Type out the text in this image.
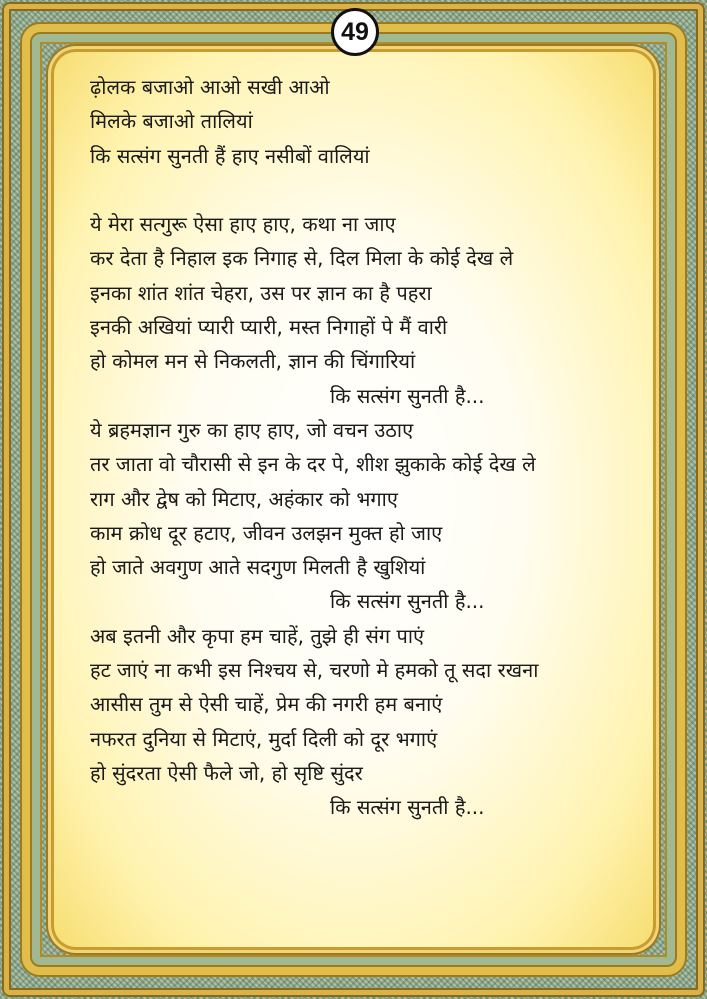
49
ढ़ोलक बजाओ आओ सखी आओ
मिलके बजाओ तालियां
कि सत्संग सुनती हैं हाए नसीबों वालियां
ये मेरा सत्गुरू ऐसा हाए हाए, कथा ना जाए
कर देता है निहाल इक निगाह से, दिल मिला के कोई देख ले
इनका शांत शांत चेहरा, उस पर ज्ञान का है पहरा
इनकी अखियां प्यारी प्यारी, मस्त निगाहों पे मैं वारी
हो कोमल मन से निकलती, ज्ञान की चिंगारियां
कि सत्संग सुनती है...
ये ब्रहमज्ञान गुरु का हाए हाए, जो वचन उठाए
तर जाता वो चौरासी से इन के दर पे, शीश झुकाके कोई देख ले
राग और द्वेष को मिटाए, अहंकार को भगाए
काम क्रोध दूर हटाए, जीवन उलझन मुक्त हो जाए
हो जाते अवगुण आते सदगुण मिलती है खुशियां
कि सत्संग सुनती है...
अब इतनी और कृपा हम चाहें, तुझे ही संग पाएं
हट जाएं ना कभी इस निश्चय से, चरणो मे हमको तू सदा रखना
आसीस तुम से ऐसी चाहें, प्रेम की नगरी हम बनाएं
नफरत दुनिया से मिटाएं, मुर्दा दिली को दूर भगाएं
हो सुंदरता ऐसी फैले जो, हो सृष्टि सुंदर
कि सत्संग सुनती है...
